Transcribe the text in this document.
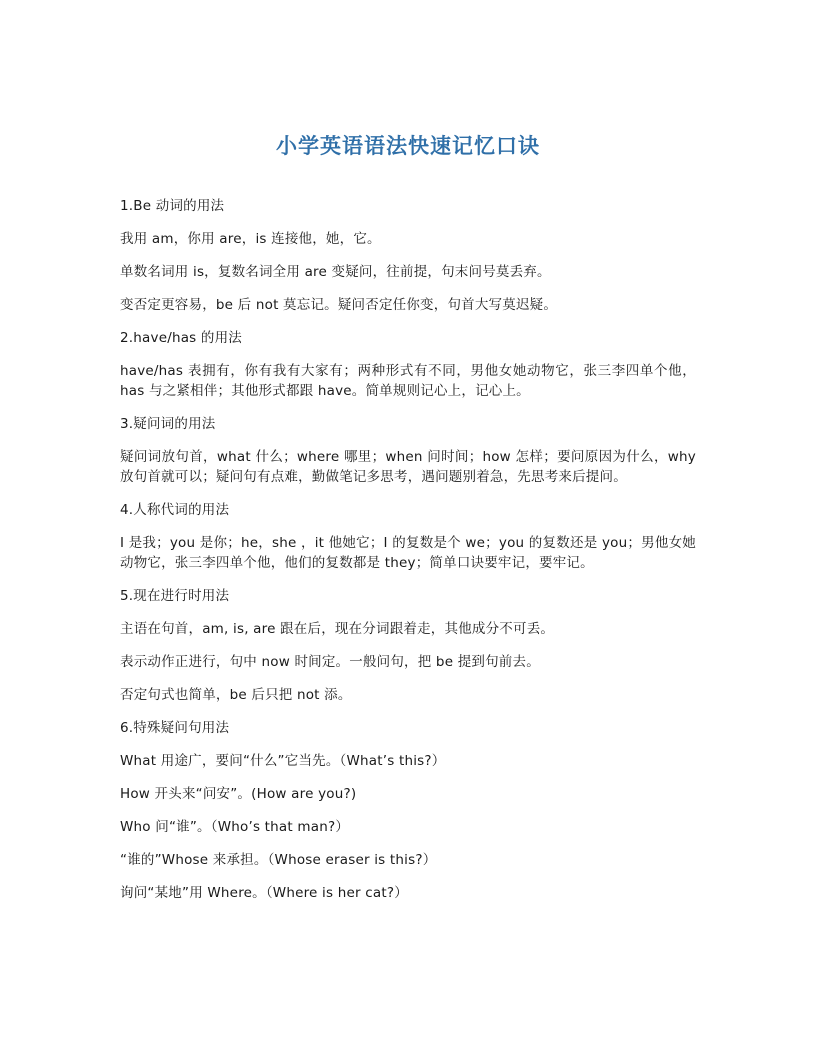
小学英语语法快速记忆口诀

1.Be 动词的用法

我用 am，你用 are，is 连接他，她，它。

单数名词用 is，复数名词全用 are 变疑问，往前提，句末问号莫丢弃。

变否定更容易，be 后 not 莫忘记。疑问否定任你变，句首大写莫迟疑。

2.have/has 的用法

have/has 表拥有，你有我有大家有；两种形式有不同，男他女她动物它，张三李四单个他，has 与之紧相伴；其他形式都跟 have。简单规则记心上，记心上。

3.疑问词的用法

疑问词放句首，what 什么；where 哪里；when 问时间；how 怎样；要问原因为什么，why 放句首就可以；疑问句有点难，勤做笔记多思考，遇问题别着急，先思考来后提问。

4.人称代词的用法

I 是我；you 是你；he，she ，it 他她它；I 的复数是个 we；you 的复数还是 you；男他女她动物它，张三李四单个他，他们的复数都是 they；简单口诀要牢记，要牢记。

5.现在进行时用法

主语在句首，am, is, are 跟在后，现在分词跟着走，其他成分不可丢。

表示动作正进行，句中 now 时间定。一般问句，把 be 提到句前去。

否定句式也简单，be 后只把 not 添。

6.特殊疑问句用法

What 用途广，要问“什么”它当先。（What’s this?）

How 开头来“问安”。(How are you?)

Who 问“谁”。（Who’s that man?）

“谁的”Whose 来承担。（Whose eraser is this?）

询问“某地”用 Where。（Where is her cat?）
